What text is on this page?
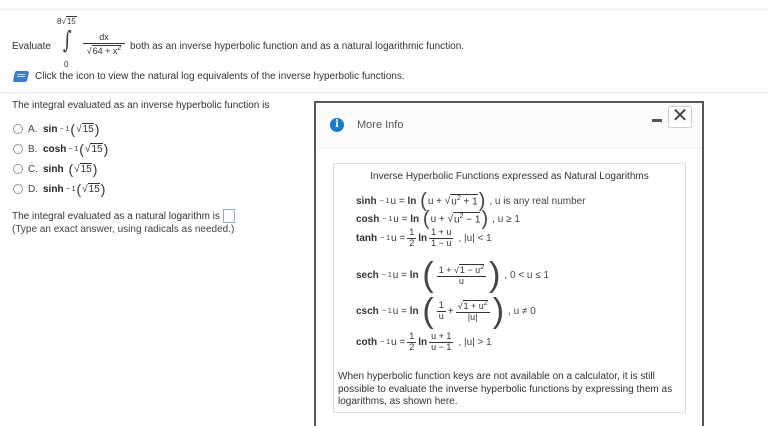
Evaluate
8√15
∫
0
$\frac{dx}{√64 + x^2}$ both as an inverse hyperbolic function and as a natural logarithmic function.
Click the icon to view the natural log equivalents of the inverse hyperbolic functions.
The integral evaluated as an inverse hyperbolic function is
A. sin − 1 ( √ 15 )
B. cosh − 1 ( √ 15 )
C. sinh ( √ 15 )
D. sinh − 1 ( √ 15 )
The integral evaluated as a natural logarithm is
(Type an exact answer, using radicals as needed.)
i	More Info	✕
Inverse Hyperbolic Functions expressed as Natural Logarithms
sinh − 1 u = ln ( u + √ $u^2 + 1$ ) , u is any real number
cosh − 1 u = ln ( u + √ $u^2 - 1$ ) , u ≥ 1
tanh − 1 u =
1
2 ln
1 + u
1 − u , |u| < 1
sech − 1 u = ln ( $1 + √1 - u^2$
u ) , 0 < u ≤ 1
csch − 1 u = ln ( 1
$u + √1 + u^2$
|u| ) , u ≠ 0
coth − 1 u =
1
2 ln
u + 1
u − 1 , |u| > 1
When hyperbolic function keys are not available on a calculator, it is still possible to evaluate the inverse hyperbolic functions by expressing them as logarithms, as shown here.
